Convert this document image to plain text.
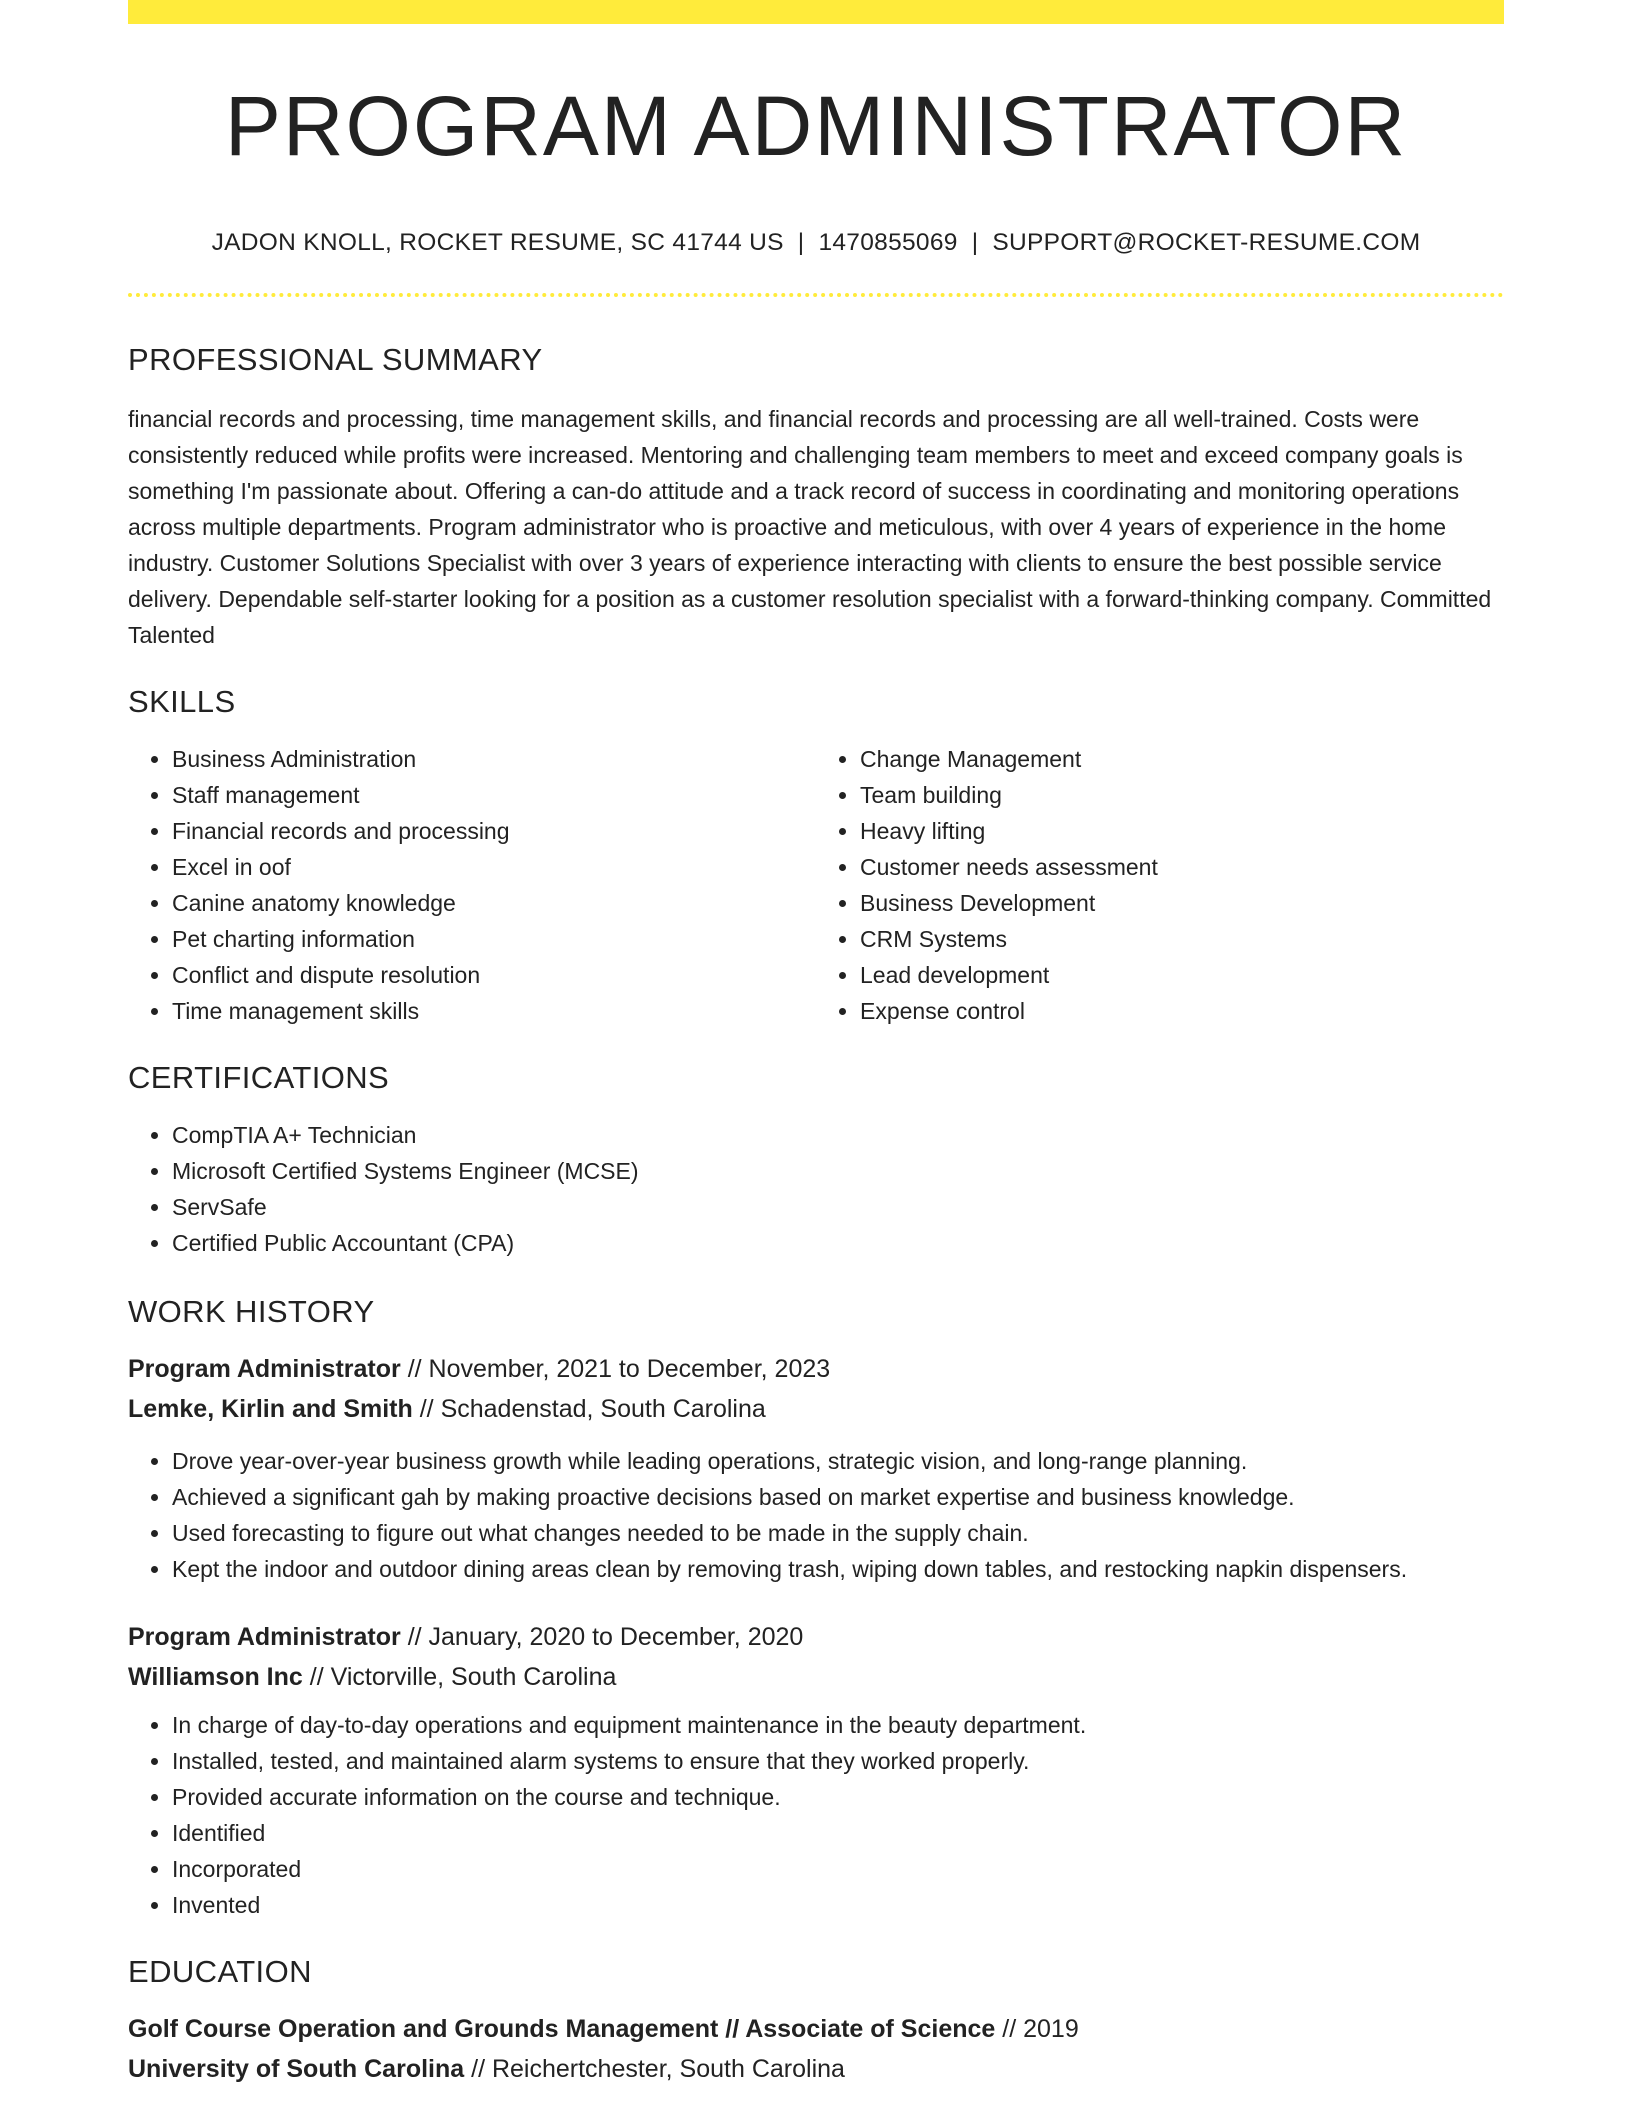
PROGRAM ADMINISTRATOR
JADON KNOLL, ROCKET RESUME, SC 41744 US | 1470855069 | SUPPORT@ROCKET-RESUME.COM
PROFESSIONAL SUMMARY

financial records and processing, time management skills, and financial records and processing are all well-trained. Costs were consistently reduced while profits were increased. Mentoring and challenging team members to meet and exceed company goals is something I'm passionate about. Offering a can-do attitude and a track record of success in coordinating and monitoring operations across multiple departments. Program administrator who is proactive and meticulous, with over 4 years of experience in the home industry. Customer Solutions Specialist with over 3 years of experience interacting with clients to ensure the best possible service delivery. Dependable self-starter looking for a position as a customer resolution specialist with a forward-thinking company. Committed Talented

SKILLS
• Business Administration
• Staff management
• Financial records and processing
• Excel in oof
• Canine anatomy knowledge
• Pet charting information
• Conflict and dispute resolution
• Time management skills
• Change Management
• Team building
• Heavy lifting
• Customer needs assessment
• Business Development
• CRM Systems
• Lead development
• Expense control
CERTIFICATIONS
• CompTIA A+ Technician
• Microsoft Certified Systems Engineer (MCSE)
• ServSafe
• Certified Public Accountant (CPA)
WORK HISTORY
Program Administrator // November, 2021 to December, 2023
Lemke, Kirlin and Smith // Schadenstad, South Carolina
• Drove year-over-year business growth while leading operations, strategic vision, and long-range planning.
• Achieved a significant gah by making proactive decisions based on market expertise and business knowledge.
• Used forecasting to figure out what changes needed to be made in the supply chain.
• Kept the indoor and outdoor dining areas clean by removing trash, wiping down tables, and restocking napkin dispensers.
Program Administrator // January, 2020 to December, 2020
Williamson Inc // Victorville, South Carolina
• In charge of day-to-day operations and equipment maintenance in the beauty department.
• Installed, tested, and maintained alarm systems to ensure that they worked properly.
• Provided accurate information on the course and technique.
• Identified
• Incorporated
• Invented
EDUCATION
Golf Course Operation and Grounds Management // Associate of Science // 2019
University of South Carolina // Reichertchester, South Carolina
